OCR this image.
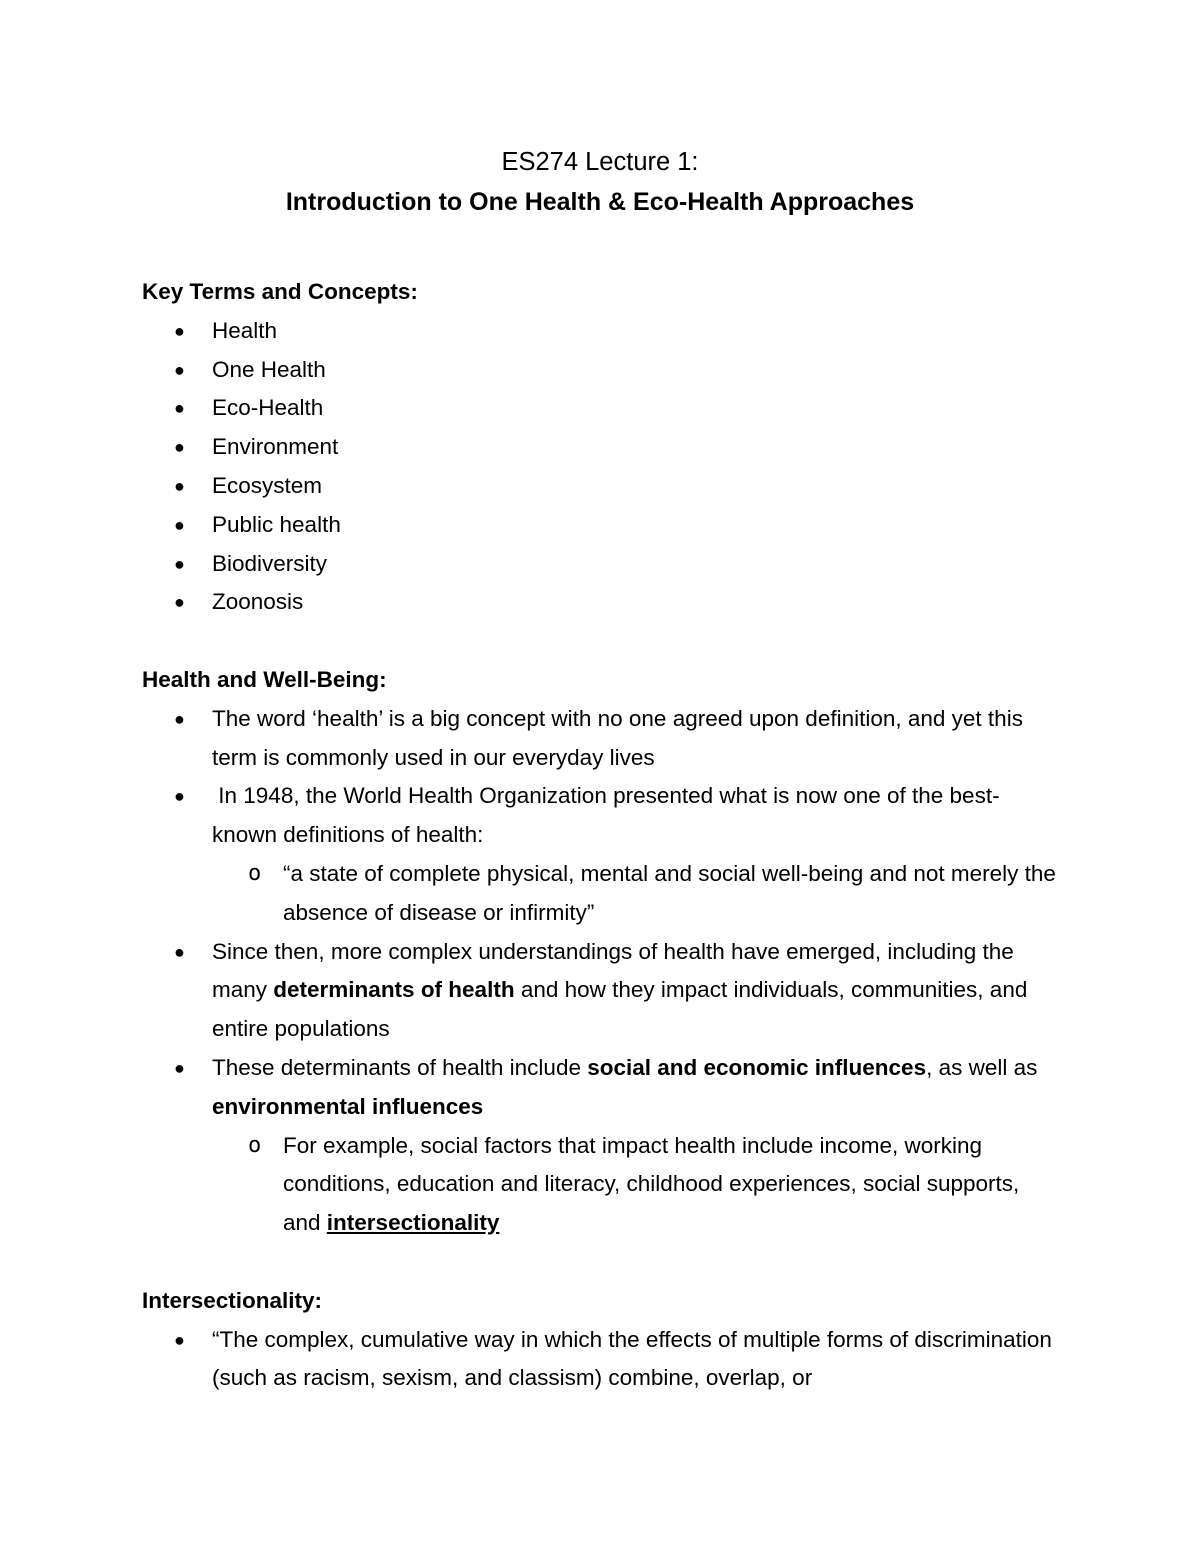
ES274 Lecture 1:

Introduction to One Health & Eco-Health Approaches

Key Terms and Concepts:

● Health
● One Health
● Eco-Health
● Environment
● Ecosystem
● Public health
● Biodiversity
● Zoonosis

Health and Well-Being:

● The word ‘health’ is a big concept with no one agreed upon definition, and yet this term is commonly used in our everyday lives
● In 1948, the World Health Organization presented what is now one of the best-known definitions of health:
o “a state of complete physical, mental and social well-being and not merely the absence of disease or infirmity”
● Since then, more complex understandings of health have emerged, including the many determinants of health and how they impact individuals, communities, and entire populations
● These determinants of health include social and economic influences, as well as environmental influences
o For example, social factors that impact health include income, working conditions, education and literacy, childhood experiences, social supports, and intersectionality

Intersectionality:

● “The complex, cumulative way in which the effects of multiple forms of discrimination (such as racism, sexism, and classism) combine, overlap, or
